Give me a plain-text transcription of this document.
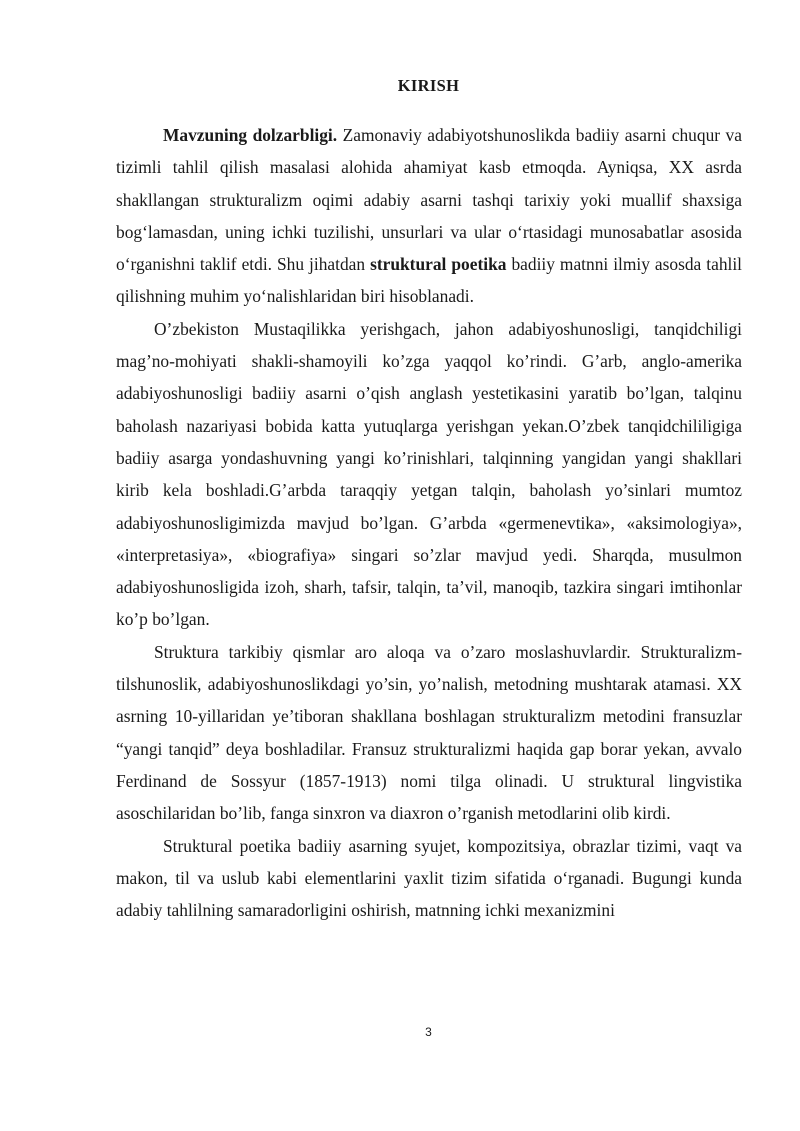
KIRISH

Mavzuning dolzarbligi. Zamonaviy adabiyotshunoslikda badiiy asarni chuqur va tizimli tahlil qilish masalasi alohida ahamiyat kasb etmoqda. Ayniqsa, XX asrda shakllangan strukturalizm oqimi adabiy asarni tashqi tarixiy yoki muallif shaxsiga bog‘lamasdan, uning ichki tuzilishi, unsurlari va ular o‘rtasidagi munosabatlar asosida o‘rganishni taklif etdi. Shu jihatdan struktural poetika badiiy matnni ilmiy asosda tahlil qilishning muhim yo‘nalishlaridan biri hisoblanadi.

O’zbekiston Mustaqilikka yerishgach, jahon adabiyoshunosligi, tanqidchiligi mag’no-mohiyati shakli-shamoyili ko’zga yaqqol ko’rindi. G’arb, anglo-amerika adabiyoshunosligi badiiy asarni o’qish anglash yestetikasini yaratib bo’lgan, talqinu baholash nazariyasi bobida katta yutuqlarga yerishgan yekan.O’zbek tanqidchililigiga badiiy asarga yondashuvning yangi ko’rinishlari, talqinning yangidan yangi shakllari kirib kela boshladi.G’arbda taraqqiy yetgan talqin, baholash yo’sinlari mumtoz adabiyoshunosligimizda mavjud bo’lgan. G’arbda «germenevtika», «aksimologiya», «interpretasiya», «biografiya» singari so’zlar mavjud yedi. Sharqda, musulmon adabiyoshunosligida izoh, sharh, tafsir, talqin, ta’vil, manoqib, tazkira singari imtihonlar ko’p bo’lgan.

Struktura tarkibiy qismlar aro aloqa va o’zaro moslashuvlardir. Strukturalizm-tilshunoslik, adabiyoshunoslikdagi yo’sin, yo’nalish, metodning mushtarak atamasi. XX asrning 10-yillaridan ye’tiboran shakllana boshlagan strukturalizm metodini fransuzlar “yangi tanqid” deya boshladilar. Fransuz strukturalizmi haqida gap borar yekan, avvalo Ferdinand de Sossyur (1857-1913) nomi tilga olinadi. U struktural lingvistika asoschilaridan bo’lib, fanga sinxron va diaxron o’rganish metodlarini olib kirdi.

Struktural poetika badiiy asarning syujet, kompozitsiya, obrazlar tizimi, vaqt va makon, til va uslub kabi elementlarini yaxlit tizim sifatida o‘rganadi. Bugungi kunda adabiy tahlilning samaradorligini oshirish, matnning ichki mexanizmini

3
